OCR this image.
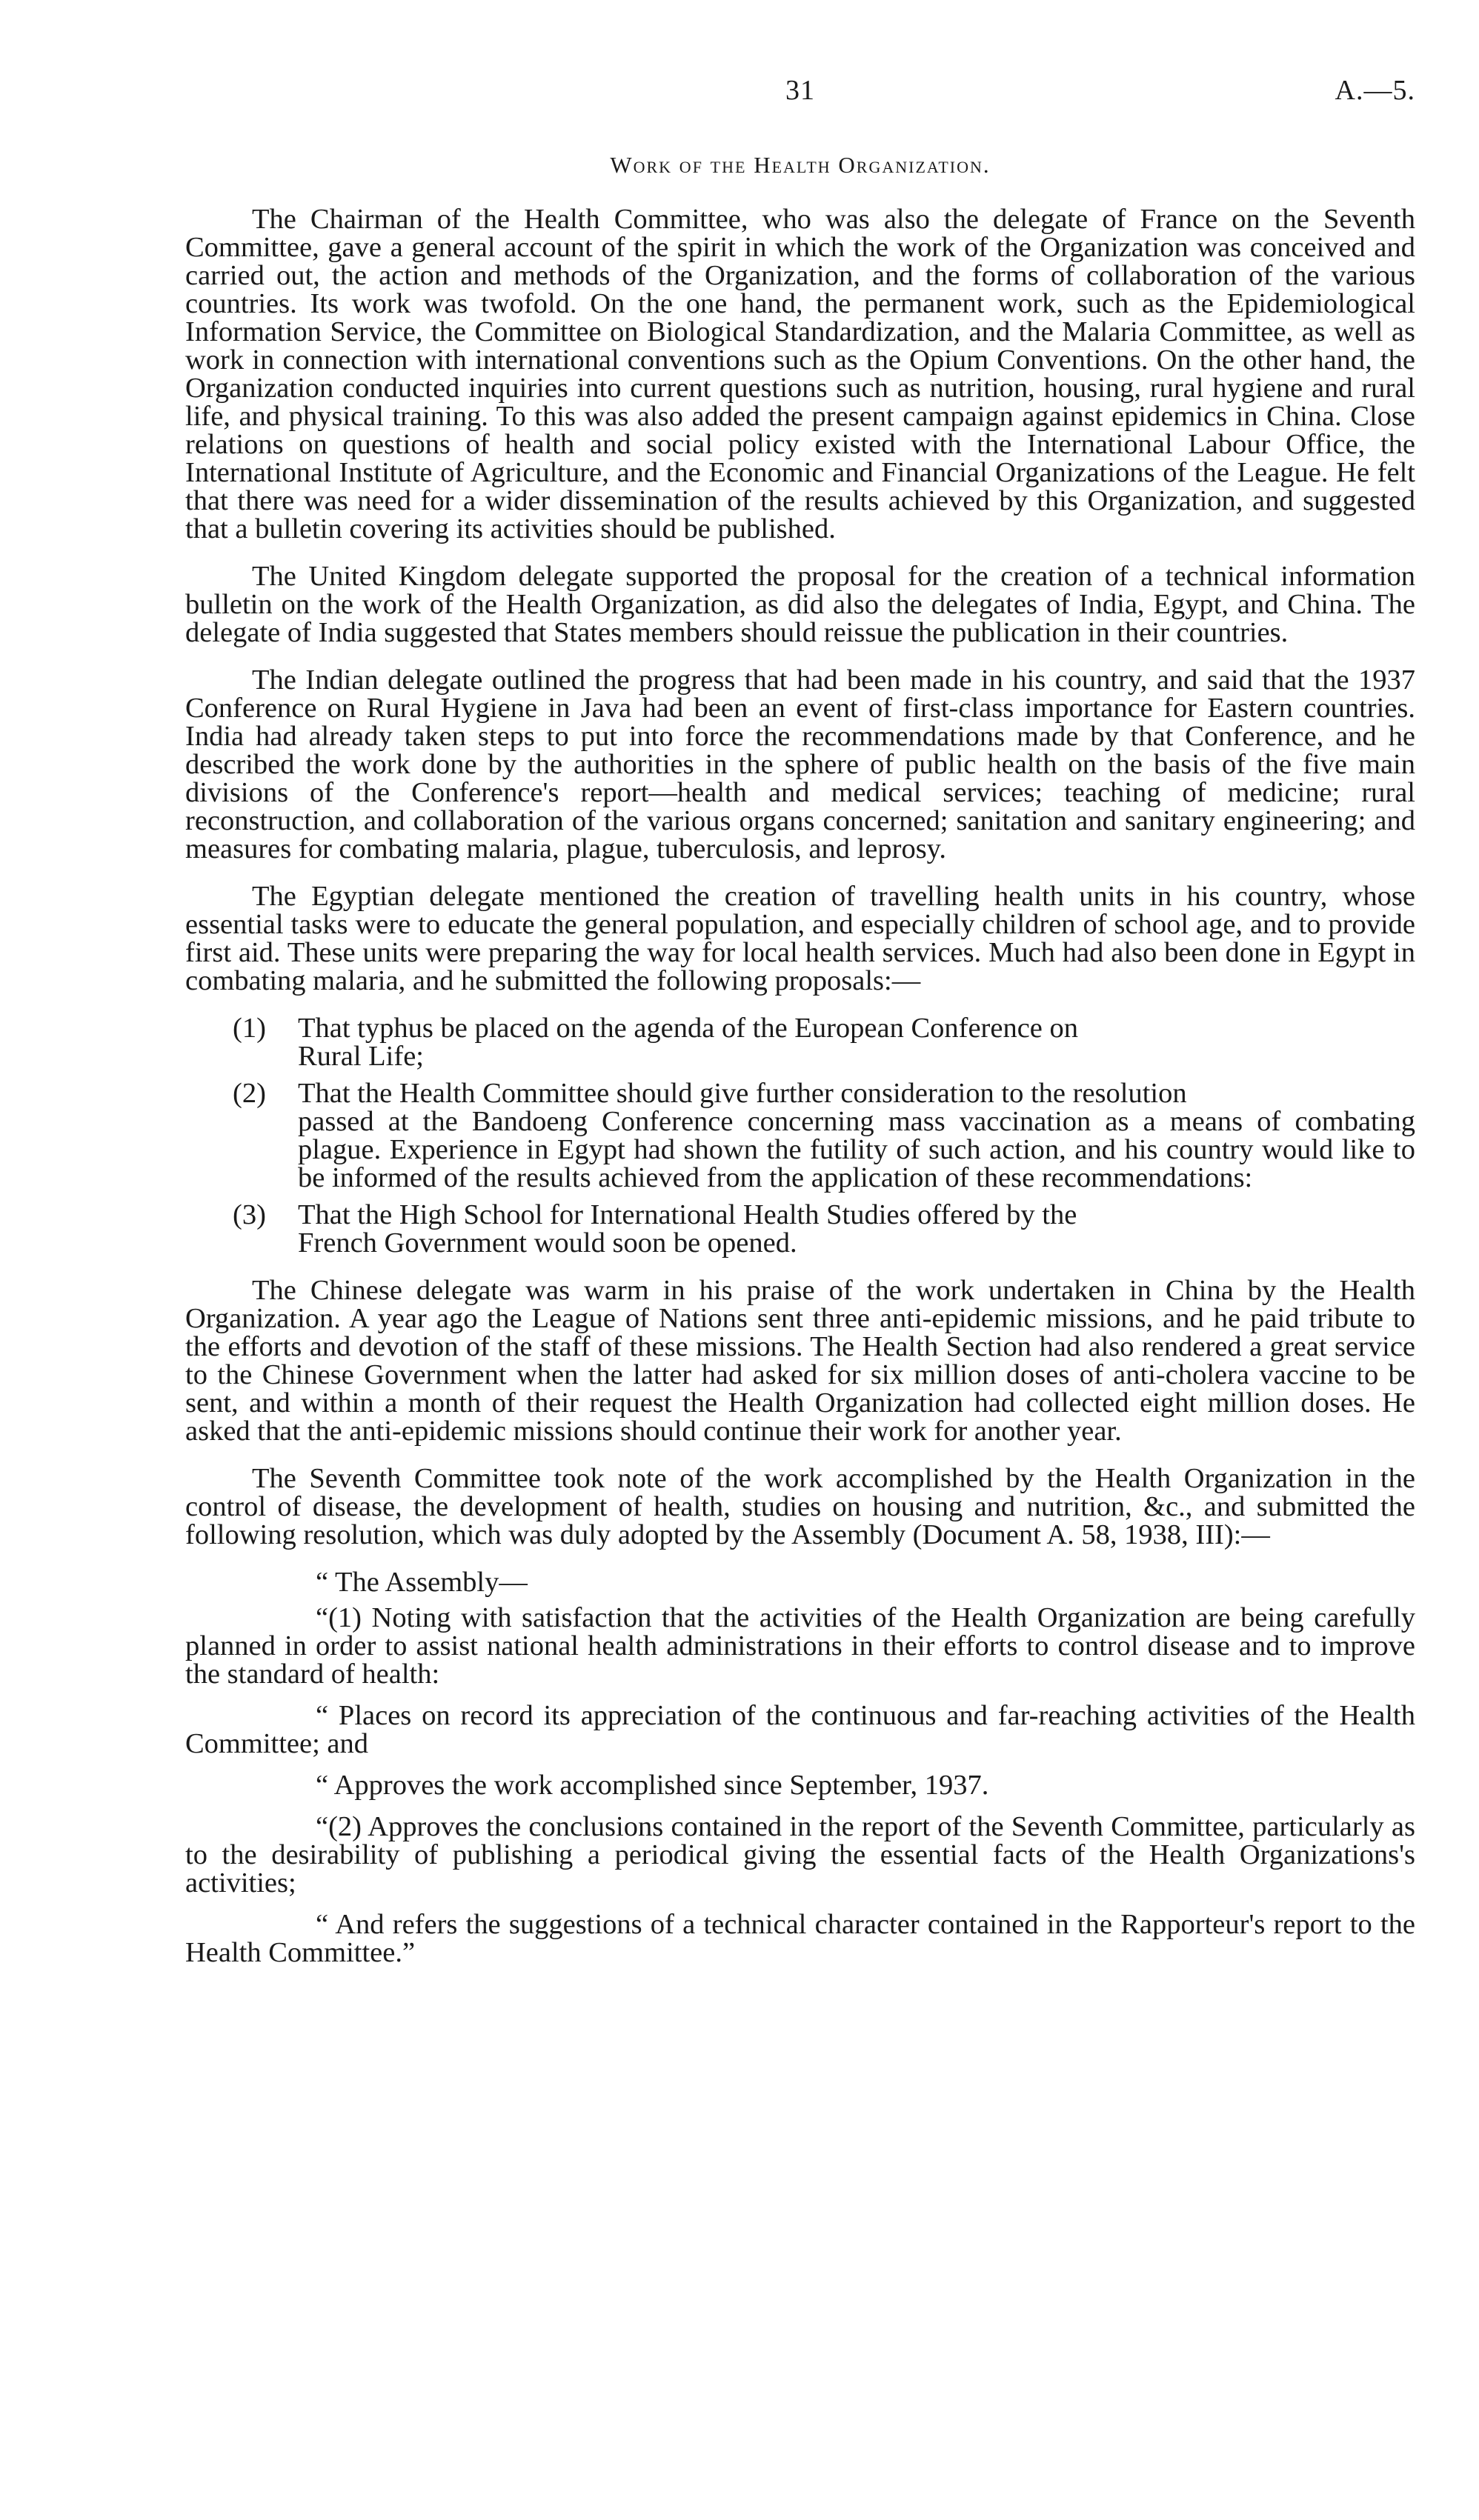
31	A.—5.
Work of the Health Organization.

The Chairman of the Health Committee, who was also the delegate of France on the Seventh Committee, gave a general account of the spirit in which the work of the Organization was conceived and carried out, the action and methods of the Organization, and the forms of collaboration of the various countries. Its work was twofold. On the one hand, the permanent work, such as the Epidemiological Information Service, the Committee on Biological Standardization, and the Malaria Committee, as well as work in connection with international conventions such as the Opium Conventions. On the other hand, the Organization conducted inquiries into current questions such as nutrition, housing, rural hygiene and rural life, and physical training. To this was also added the present campaign against epidemics in China. Close relations on questions of health and social policy existed with the International Labour Office, the International Institute of Agriculture, and the Economic and Financial Organizations of the League. He felt that there was need for a wider dissemination of the results achieved by this Organization, and suggested that a bulletin covering its activities should be published.

The United Kingdom delegate supported the proposal for the creation of a technical information bulletin on the work of the Health Organization, as did also the delegates of India, Egypt, and China. The delegate of India suggested that States members should reissue the publication in their countries.

The Indian delegate outlined the progress that had been made in his country, and said that the 1937 Conference on Rural Hygiene in Java had been an event of first-class importance for Eastern countries. India had already taken steps to put into force the recommendations made by that Conference, and he described the work done by the authorities in the sphere of public health on the basis of the five main divisions of the Conference's report—health and medical services; teaching of medicine; rural reconstruction, and collaboration of the various organs concerned; sanitation and sanitary engineering; and measures for combating malaria, plague, tuberculosis, and leprosy.

The Egyptian delegate mentioned the creation of travelling health units in his country, whose essential tasks were to educate the general population, and especially children of school age, and to provide first aid. These units were preparing the way for local health services. Much had also been done in Egypt in combating malaria, and he submitted the following proposals:—

(1)	That typhus be placed on the agenda of the European Conference on
Rural Life;
(2)	That the Health Committee should give further consideration to the resolution
passed at the Bandoeng Conference concerning mass vaccination as a means of combating plague. Experience in Egypt had shown the futility of such action, and his country would like to be informed of the results achieved from the application of these recommendations:
(3)	That the High School for International Health Studies offered by the
French Government would soon be opened.

The Chinese delegate was warm in his praise of the work undertaken in China by the Health Organization. A year ago the League of Nations sent three anti-epidemic missions, and he paid tribute to the efforts and devotion of the staff of these missions. The Health Section had also rendered a great service to the Chinese Government when the latter had asked for six million doses of anti-cholera vaccine to be sent, and within a month of their request the Health Organization had collected eight million doses. He asked that the anti-epidemic missions should continue their work for another year.

The Seventh Committee took note of the work accomplished by the Health Organization in the control of disease, the development of health, studies on housing and nutrition, &c., and submitted the following resolution, which was duly adopted by the Assembly (Document A. 58, 1938, III):—

“ The Assembly—

“(1) Noting with satisfaction that the activities of the Health Organization are being carefully planned in order to assist national health administrations in their efforts to control disease and to improve the standard of health:

“ Places on record its appreciation of the continuous and far-reaching activities of the Health Committee; and

“ Approves the work accomplished since September, 1937.

“(2) Approves the conclusions contained in the report of the Seventh Committee, particularly as to the desirability of publishing a periodical giving the essential facts of the Health Organizations's activities;

“ And refers the suggestions of a technical character contained in the Rapporteur's report to the Health Committee.”
